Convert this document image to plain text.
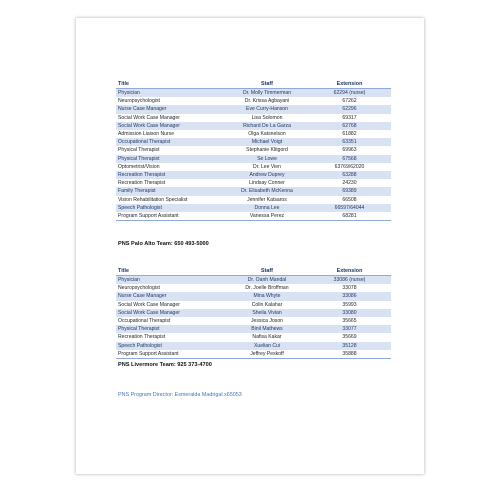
Title	Staff	Extension
Physician	Dr. Molly Timmerman	62294 (nurse)
Neuropsychologist	Dr. Krissa Agbayani	67262
Nurse Case Manager	Eve Curry-Hanson	62296
Social Work Case Manager	Lisa Solomon	69317
Social Work Case Manager	Richard De La Garza	62768
Admission Liaison Nurse	Olga Katsnelson	61882
Occupational Therapist	Michael Voigt	63351
Physical Therapist	Stephanie Klitgord	69963
Physical Therapist	Se Lowe	67568
Optometrist/Vision	Dr. Lee Vien	63769/62020
Recreation Therapist	Andrew Duprey	63288
Recreation Therapist	Lindsay Conner	24230
Family Therapist	Dr. Elisabeth McKenna	69389
Vision Rehabilitation Specialist	Jennifer Katsaros	66508
Speech Pathologist	Donna Lee	66597/64044
Program Support Assistant	Vanessa Perez	68281
PNS Palo Alto Team: 650 493-5000
Title	Staff	Extension
Physician	Dr. Oanh Mandal	33086 (nurse)
Neuropsychologist	Dr. Joelle Broffman	33078
Nurse Case Manager	Mina Whyte	33086
Social Work Case Manager	Colin Kalahar	35993
Social Work Case Manager	Sheila Vivian	33080
Occupational Therapist	Jessica Joson	35665
Physical Therapist	Binil Mathews	33077
Recreation Therapist	Nafisa Kakar	35669
Speech Pathologist	Xuelian Cui	35128
Program Support Assistant	Jeffrey Peskoff	35888
PNS Livermore Team: 925 373-4700
PNS Program Director: Esmeralda Madrigal x65053
